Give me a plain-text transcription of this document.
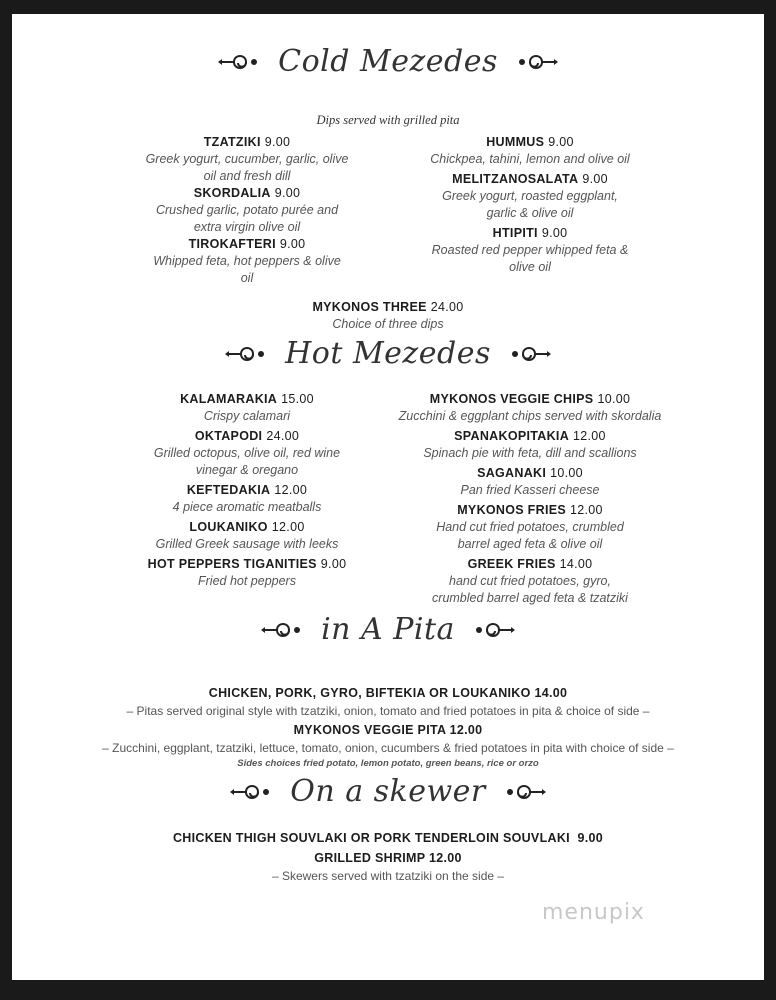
Cold Mezedes
Dips served with grilled pita
TZATZIKI 9.00
Greek yogurt, cucumber, garlic, olive
oil and fresh dill
SKORDALIA 9.00
Crushed garlic, potato purée and
extra virgin olive oil
TIROKAFTERI 9.00
Whipped feta, hot peppers & olive
oil
HUMMUS 9.00
Chickpea, tahini, lemon and olive oil
MELITZANOSALATA 9.00
Greek yogurt, roasted eggplant,
garlic & olive oil
HTIPITI 9.00
Roasted red pepper whipped feta &
olive oil
MYKONOS THREE 24.00
Choice of three dips
Hot Mezedes
KALAMARAKIA 15.00
Crispy calamari
OKTAPODI 24.00
Grilled octopus, olive oil, red wine
vinegar & oregano
KEFTEDAKIA 12.00
4 piece aromatic meatballs
LOUKANIKO 12.00
Grilled Greek sausage with leeks
HOT PEPPERS TIGANITIES 9.00
Fried hot peppers
MYKONOS VEGGIE CHIPS 10.00
Zucchini & eggplant chips served with skordalia
SPANAKOPITAKIA 12.00
Spinach pie with feta, dill and scallions
SAGANAKI 10.00
Pan fried Kasseri cheese
MYKONOS FRIES 12.00
Hand cut fried potatoes, crumbled
barrel aged feta & olive oil
GREEK FRIES 14.00
hand cut fried potatoes, gyro,
crumbled barrel aged feta & tzatziki
in A Pita
CHICKEN, PORK, GYRO, BIFTEKIA OR LOUKANIKO 14.00
– Pitas served original style with tzatziki, onion, tomato and fried potatoes in pita & choice of side –
MYKONOS VEGGIE PITA 12.00
– Zucchini, eggplant, tzatziki, lettuce, tomato, onion, cucumbers & fried potatoes in pita with choice of side –
Sides choices fried potato, lemon potato, green beans, rice or orzo
On a skewer
CHICKEN THIGH SOUVLAKI OR PORK TENDERLOIN SOUVLAKI 9.00
GRILLED SHRIMP 12.00
– Skewers served with tzatziki on the side –
menupix
